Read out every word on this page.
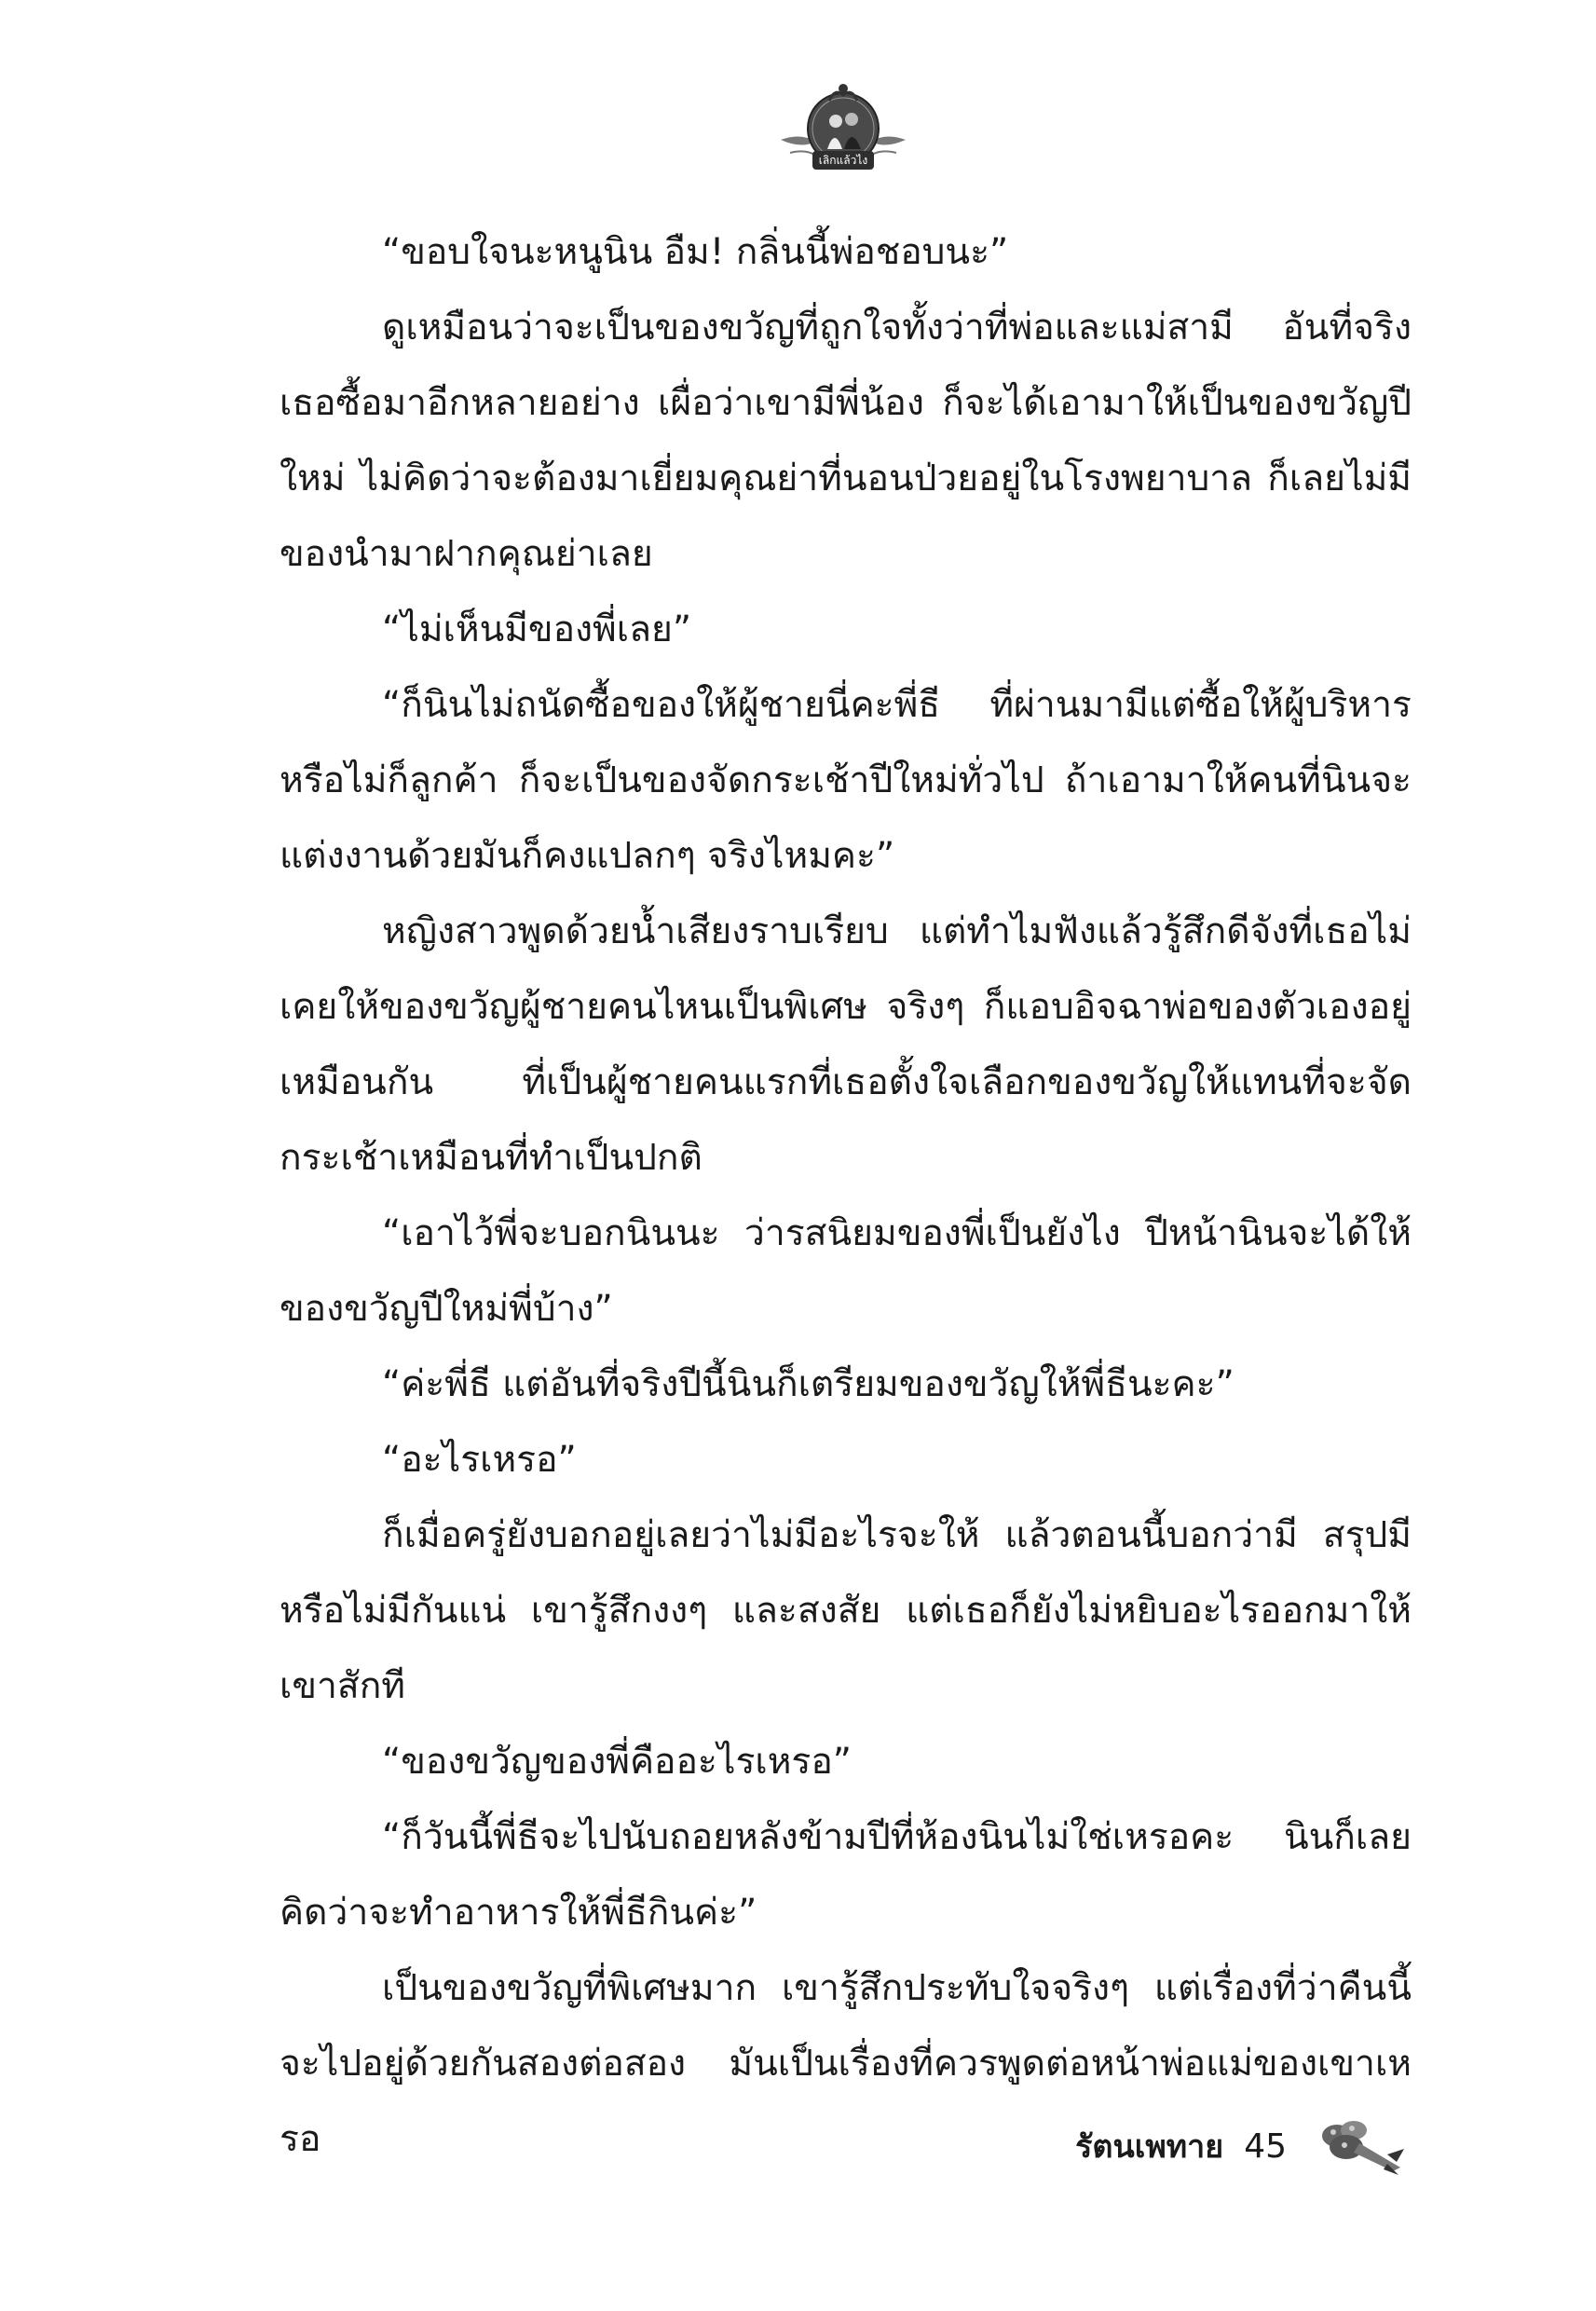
เลิกแล้วไง

“ขอบใจนะหนูนิน อืม! กลิ่นนี้พ่อชอบนะ”

ดูเหมือนว่าจะเป็นของขวัญที่ถูกใจทั้งว่าที่พ่อและแม่สามี อันที่จริงเธอซื้อมาอีกหลายอย่าง เผื่อว่าเขามีพี่น้อง ก็จะได้เอามาให้เป็นของขวัญปีใหม่ ไม่คิดว่าจะต้องมาเยี่ยมคุณย่าที่นอนป่วยอยู่ในโรงพยาบาล ก็เลยไม่มีของนำมาฝากคุณย่าเลย

“ไม่เห็นมีของพี่เลย”

“ก็นินไม่ถนัดซื้อของให้ผู้ชายนี่คะพี่ธี ที่ผ่านมามีแต่ซื้อให้ผู้บริหารหรือไม่ก็ลูกค้า ก็จะเป็นของจัดกระเช้าปีใหม่ทั่วไป ถ้าเอามาให้คนที่นินจะแต่งงานด้วยมันก็คงแปลกๆ จริงไหมคะ”

หญิงสาวพูดด้วยน้ำเสียงราบเรียบ แต่ทำไมฟังแล้วรู้สึกดีจังที่เธอไม่เคยให้ของขวัญผู้ชายคนไหนเป็นพิเศษ จริงๆ ก็แอบอิจฉาพ่อของตัวเองอยู่เหมือนกัน ที่เป็นผู้ชายคนแรกที่เธอตั้งใจเลือกของขวัญให้แทนที่จะจัดกระเช้าเหมือนที่ทำเป็นปกติ

“เอาไว้พี่จะบอกนินนะ ว่ารสนิยมของพี่เป็นยังไง ปีหน้านินจะได้ให้ของขวัญปีใหม่พี่บ้าง”

“ค่ะพี่ธี แต่อันที่จริงปีนี้นินก็เตรียมของขวัญให้พี่ธีนะคะ”

“อะไรเหรอ”

ก็เมื่อครู่ยังบอกอยู่เลยว่าไม่มีอะไรจะให้ แล้วตอนนี้บอกว่ามี สรุปมีหรือไม่มีกันแน่ เขารู้สึกงงๆ และสงสัย แต่เธอก็ยังไม่หยิบอะไรออกมาให้เขาสักที

“ของขวัญของพี่คืออะไรเหรอ”

“ก็วันนี้พี่ธีจะไปนับถอยหลังข้ามปีที่ห้องนินไม่ใช่เหรอคะ นินก็เลยคิดว่าจะทำอาหารให้พี่ธีกินค่ะ”

เป็นของขวัญที่พิเศษมาก เขารู้สึกประทับใจจริงๆ แต่เรื่องที่ว่าคืนนี้จะไปอยู่ด้วยกันสองต่อสอง มันเป็นเรื่องที่ควรพูดต่อหน้าพ่อแม่ของเขาเหรอ	รัตนเพทาย 45
